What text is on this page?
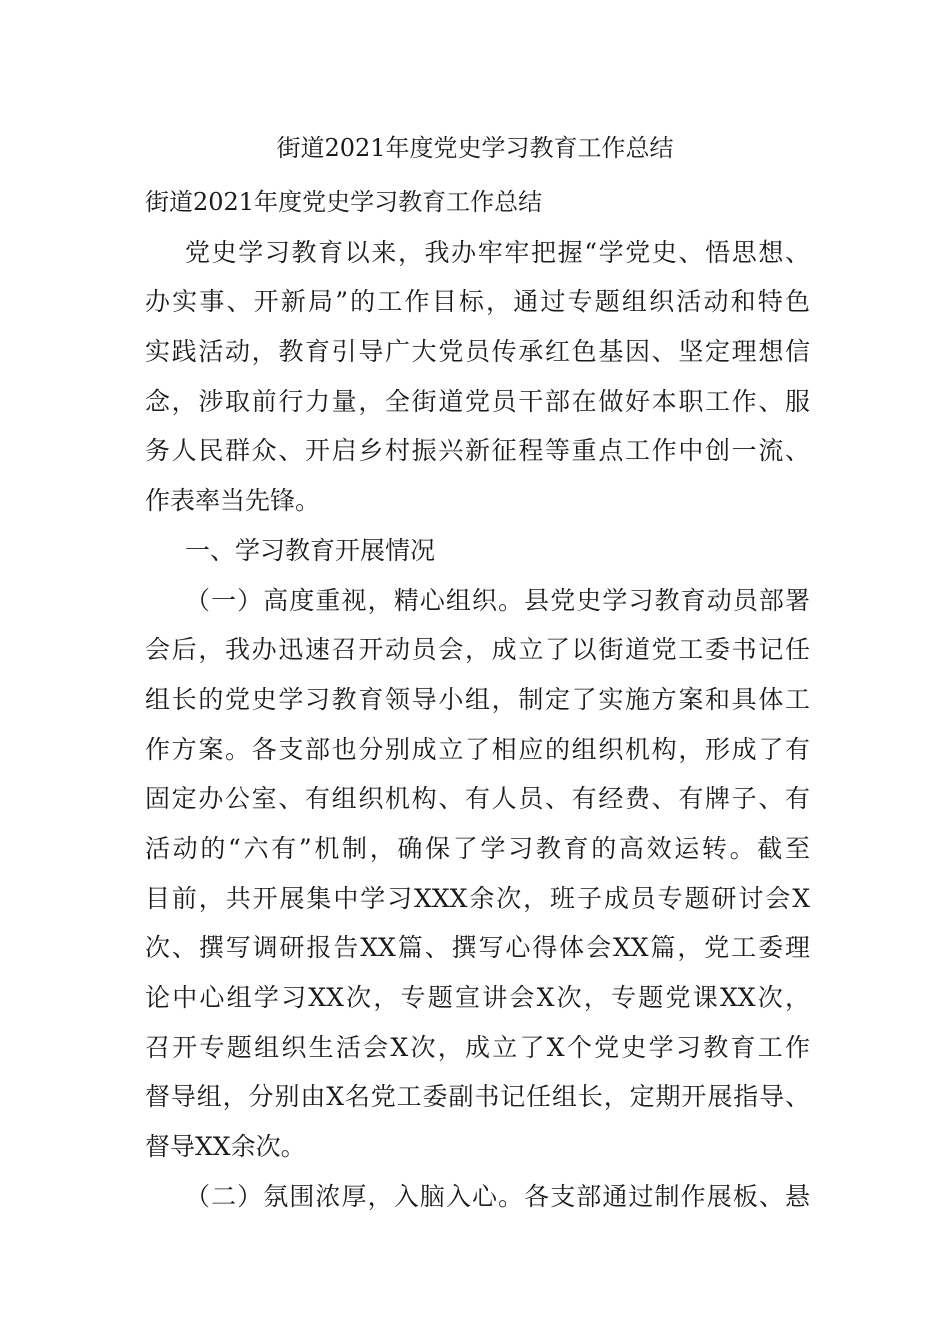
街道2021年度党史学习教育工作总结
街道2021年度党史学习教育工作总结
党史学习教育以来，我办牢牢把握“学党史、悟思想、
办实事、开新局”的工作目标，通过专题组织活动和特色
实践活动，教育引导广大党员传承红色基因、坚定理想信
念，涉取前行力量，全街道党员干部在做好本职工作、服
务人民群众、开启乡村振兴新征程等重点工作中创一流、
作表率当先锋。
一、学习教育开展情况
（一）高度重视，精心组织。县党史学习教育动员部署
会后，我办迅速召开动员会，成立了以街道党工委书记任
组长的党史学习教育领导小组，制定了实施方案和具体工
作方案。各支部也分别成立了相应的组织机构，形成了有
固定办公室、有组织机构、有人员、有经费、有牌子、有
活动的“六有”机制，确保了学习教育的高效运转。截至
目前，共开展集中学习XXX余次，班子成员专题研讨会X
次、撰写调研报告XX篇、撰写心得体会XX篇，党工委理
论中心组学习XX次，专题宣讲会X次，专题党课XX次，
召开专题组织生活会X次，成立了X个党史学习教育工作
督导组，分别由X名党工委副书记任组长，定期开展指导、
督导XX余次。
（二）氛围浓厚，入脑入心。各支部通过制作展板、悬
